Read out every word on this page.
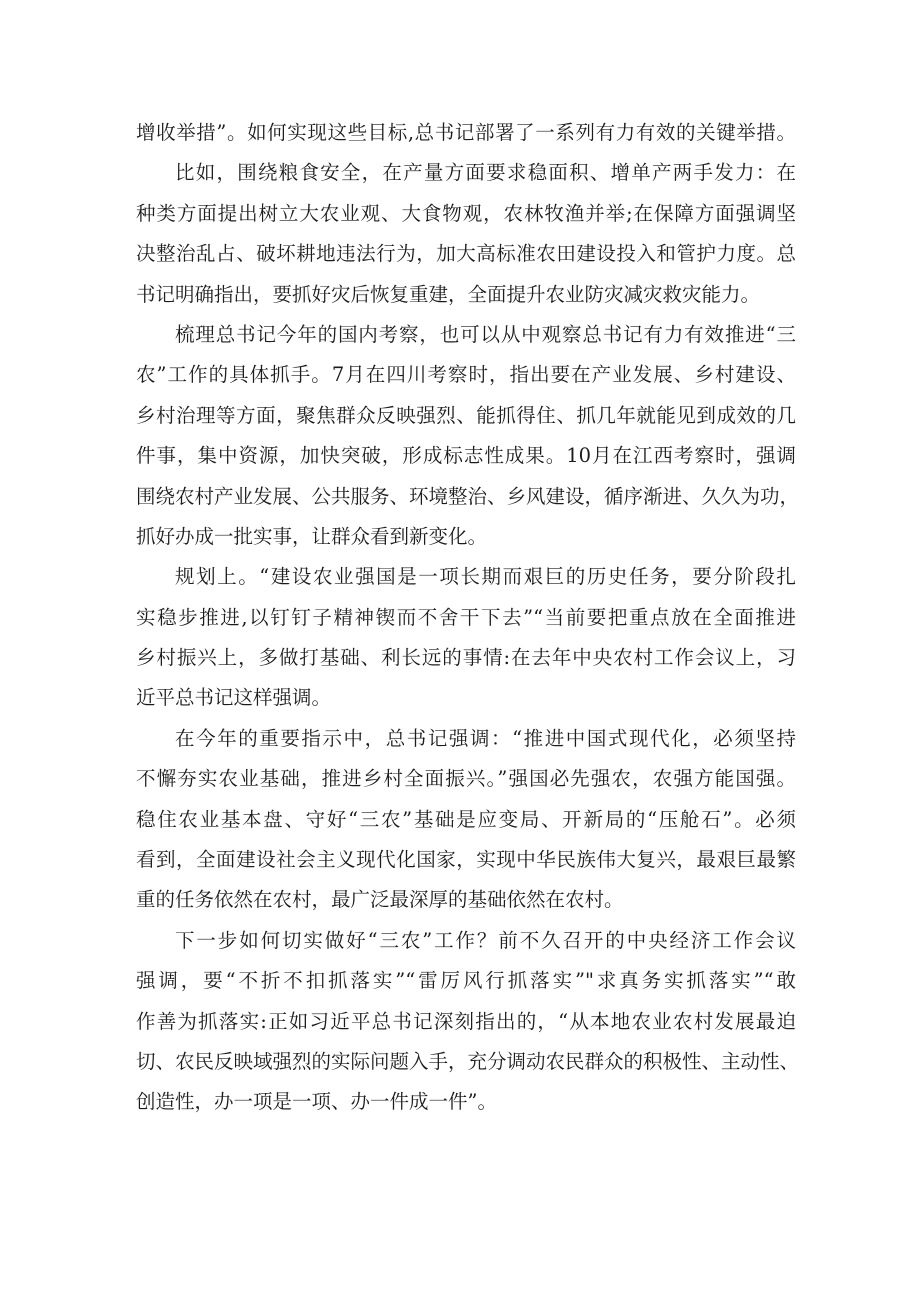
增收举措”。如何实现这些目标,总书记部署了一系列有力有效的关键举措。

比如，围绕粮食安全，在产量方面要求稳面积、增单产两手发力：在
种类方面提出树立大农业观、大食物观，农林牧渔并举;在保障方面强调坚
决整治乱占、破坏耕地违法行为，加大高标准农田建设投入和管护力度。总
书记明确指出，要抓好灾后恢复重建，全面提升农业防灾减灾救灾能力。

梳理总书记今年的国内考察，也可以从中观察总书记有力有效推进“三
农”工作的具体抓手。7月在四川考察时，指出要在产业发展、乡村建设、
乡村治理等方面，聚焦群众反映强烈、能抓得住、抓几年就能见到成效的几
件事，集中资源，加快突破，形成标志性成果。10月在江西考察时，强调
围绕农村产业发展、公共服务、环境整治、乡风建设，循序渐进、久久为功，
抓好办成一批实事，让群众看到新变化。

规划上。“建设农业强国是一项长期而艰巨的历史任务，要分阶段扎
实稳步推进,以钉钉子精神锲而不舍干下去”“当前要把重点放在全面推进
乡村振兴上，多做打基础、利长远的事情:在去年中央农村工作会议上，习
近平总书记这样强调。

在今年的重要指示中，总书记强调：“推进中国式现代化，必须坚持
不懈夯实农业基础，推进乡村全面振兴。”强国必先强农，农强方能国强。
稳住农业基本盘、守好“三农”基础是应变局、开新局的“压舱石”。必须
看到，全面建设社会主义现代化国家，实现中华民族伟大复兴，最艰巨最繁
重的任务依然在农村，最广泛最深厚的基础依然在农村。

下一步如何切实做好“三农”工作？前不久召开的中央经济工作会议
强调，要“不折不扣抓落实”“雷厉风行抓落实”"求真务实抓落实”“敢
作善为抓落实:正如习近平总书记深刻指出的，“从本地农业农村发展最迫
切、农民反映域强烈的实际问题入手，充分调动农民群众的积极性、主动性、
创造性，办一项是一项、办一件成一件”。
